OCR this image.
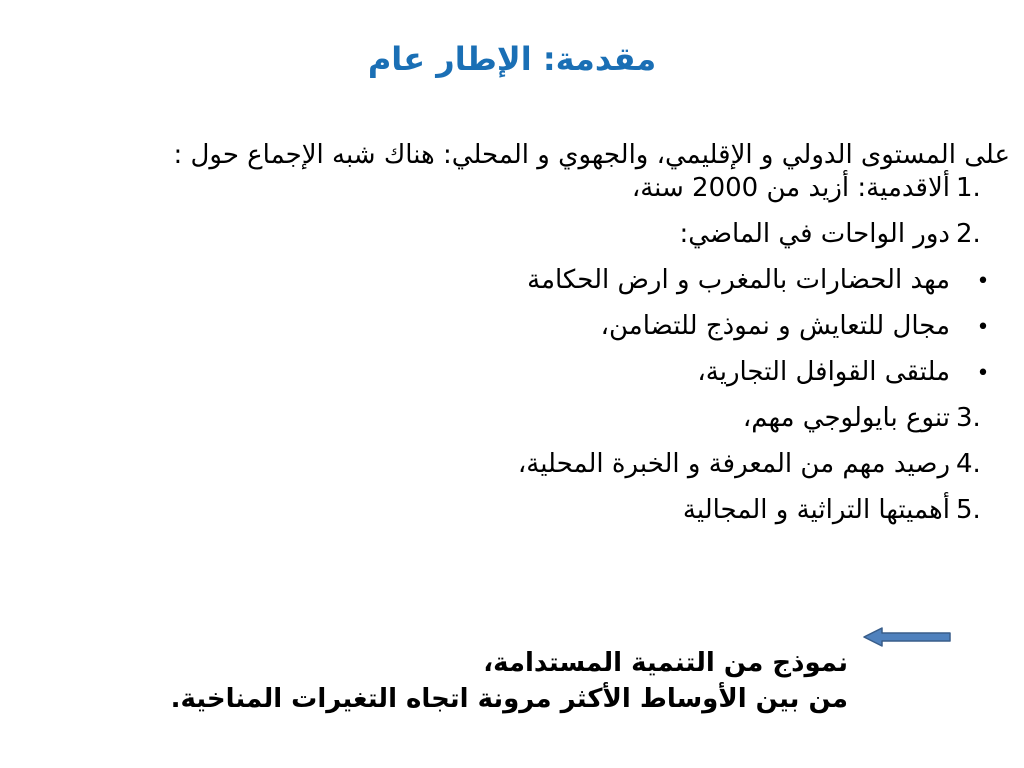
مقدمة: الإطار عام

على المستوى الدولي و الإقليمي، والجهوي و المحلي: هناك شبه الإجماع حول :

1.
ألاقدمية: أزيد من 2000 سنة،
2.
دور الواحات في الماضي:
•
مهد الحضارات بالمغرب و ارض الحكامة
•
مجال للتعايش و نموذج للتضامن،
•
ملتقى القوافل التجارية،
3.
تنوع بايولوجي مهم،
4.
رصيد مهم من المعرفة و الخبرة المحلية،
5.
أهميتها التراثية و المجالية

نموذج من التنمية المستدامة،

من بين الأوساط الأكثر مرونة اتجاه التغيرات المناخية.
